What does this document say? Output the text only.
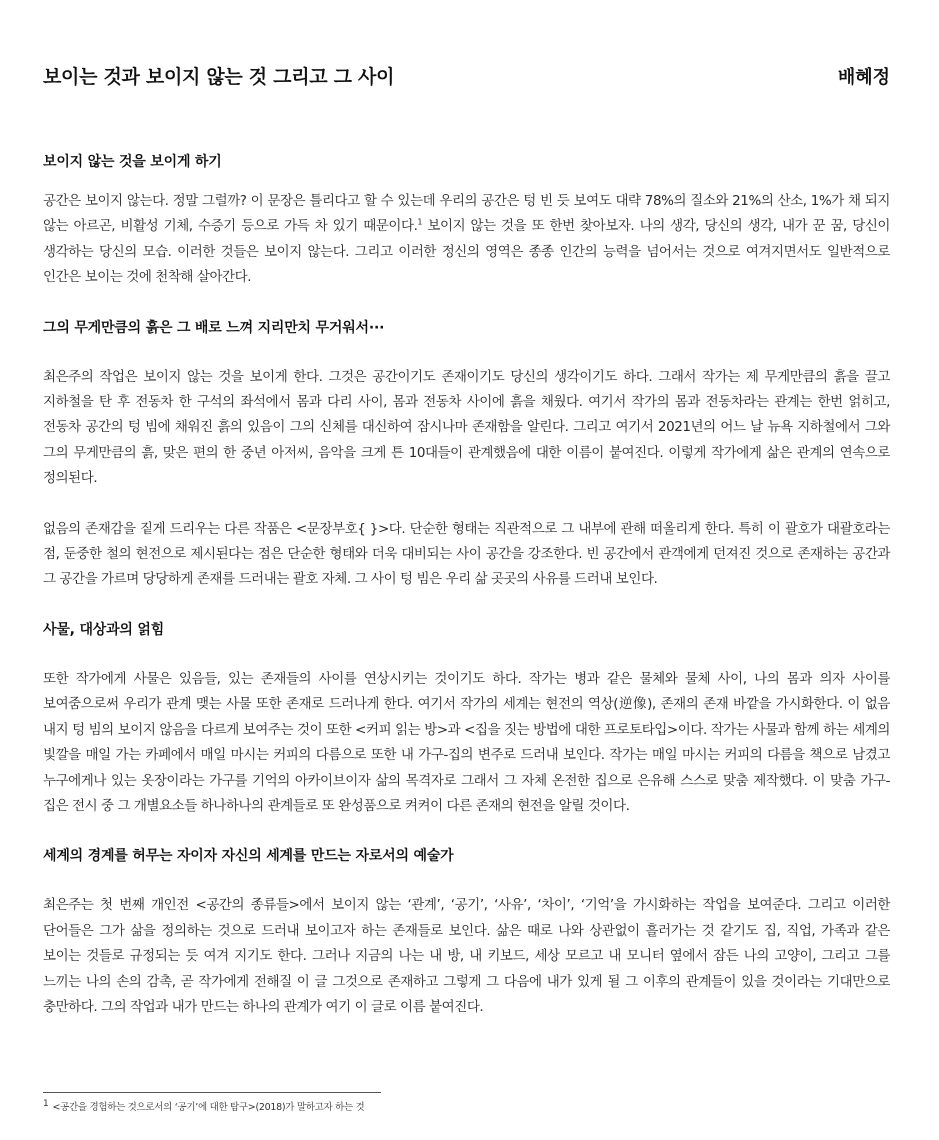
보이는 것과 보이지 않는 것 그리고 그 사이	배혜정
보이지 않는 것을 보이게 하기

공간은 보이지 않는다. 정말 그럴까? 이 문장은 틀리다고 할 수 있는데 우리의 공간은 텅 빈 듯 보여도 대략 78%의 질소와 21%의 산소, 1%가 채 되지 않는 아르곤, 비활성 기체, 수증기 등으로 가득 차 있기 때문이다.$^1$ 보이지 않는 것을 또 한번 찾아보자. 나의 생각, 당신의 생각, 내가 꾼 꿈, 당신이 생각하는 당신의 모습. 이러한 것들은 보이지 않는다. 그리고 이러한 정신의 영역은 종종 인간의 능력을 넘어서는 것으로 여겨지면서도 일반적으로 인간은 보이는 것에 천착해 살아간다.

그의 무게만큼의 흙은 그 배로 느껴 지리만치 무거워서···

최은주의 작업은 보이지 않는 것을 보이게 한다. 그것은 공간이기도 존재이기도 당신의 생각이기도 하다. 그래서 작가는 제 무게만큼의 흙을 끌고 지하철을 탄 후 전동차 한 구석의 좌석에서 몸과 다리 사이, 몸과 전동차 사이에 흙을 채웠다. 여기서 작가의 몸과 전동차라는 관계는 한번 얽히고, 전동차 공간의 텅 빔에 채워진 흙의 있음이 그의 신체를 대신하여 잠시나마 존재함을 알린다. 그리고 여기서 2021년의 어느 날 뉴욕 지하철에서 그와 그의 무게만큼의 흙, 맞은 편의 한 중년 아저씨, 음악을 크게 튼 10대들이 관계했음에 대한 이름이 붙여진다. 이렇게 작가에게 삶은 관계의 연속으로 정의된다.

없음의 존재감을 짙게 드리우는 다른 작품은 <문장부호{ }>다. 단순한 형태는 직관적으로 그 내부에 관해 떠올리게 한다. 특히 이 괄호가 대괄호라는 점, 둔중한 철의 현전으로 제시된다는 점은 단순한 형태와 더욱 대비되는 사이 공간을 강조한다. 빈 공간에서 관객에게 던져진 것으로 존재하는 공간과 그 공간을 가르며 당당하게 존재를 드러내는 괄호 자체. 그 사이 텅 빔은 우리 삶 곳곳의 사유를 드러내 보인다.

사물, 대상과의 얽힘

또한 작가에게 사물은 있음들, 있는 존재들의 사이를 연상시키는 것이기도 하다. 작가는 병과 같은 물체와 물체 사이, 나의 몸과 의자 사이를 보여줌으로써 우리가 관계 맺는 사물 또한 존재로 드러나게 한다. 여기서 작가의 세계는 현전의 역상(逆像), 존재의 존재 바깥을 가시화한다. 이 없음 내지 텅 빔의 보이지 않음을 다르게 보여주는 것이 또한 <커피 읽는 방>과 <집을 짓는 방법에 대한 프로토타입>이다. 작가는 사물과 함께 하는 세계의 빛깔을 매일 가는 카페에서 매일 마시는 커피의 다름으로 또한 내 가구-집의 변주로 드러내 보인다. 작가는 매일 마시는 커피의 다름을 책으로 남겼고 누구에게나 있는 옷장이라는 가구를 기억의 아카이브이자 삶의 목격자로 그래서 그 자체 온전한 집으로 은유해 스스로 맞춤 제작했다. 이 맞춤 가구-집은 전시 중 그 개별요소들 하나하나의 관계들로 또 완성품으로 켜켜이 다른 존재의 현전을 알릴 것이다.

세계의 경계를 허무는 자이자 자신의 세계를 만드는 자로서의 예술가

최은주는 첫 번째 개인전 <공간의 종류들>에서 보이지 않는 ‘관계’, ‘공기’, ‘사유’, ‘차이’, ‘기억’을 가시화하는 작업을 보여준다. 그리고 이러한 단어들은 그가 삶을 정의하는 것으로 드러내 보이고자 하는 존재들로 보인다. 삶은 때로 나와 상관없이 흘러가는 것 같기도 집, 직업, 가족과 같은 보이는 것들로 규정되는 듯 여겨 지기도 한다. 그러나 지금의 나는 내 방, 내 키보드, 세상 모르고 내 모니터 옆에서 잠든 나의 고양이, 그리고 그를 느끼는 나의 손의 감촉, 곧 작가에게 전해질 이 글 그것으로 존재하고 그렇게 그 다음에 내가 있게 될 그 이후의 관계들이 있을 것이라는 기대만으로 충만하다. 그의 작업과 내가 만드는 하나의 관계가 여기 이 글로 이름 붙여진다.

1 <공간을 경험하는 것으로서의 ‘공기’에 대한 탐구>(2018)가 말하고자 하는 것
